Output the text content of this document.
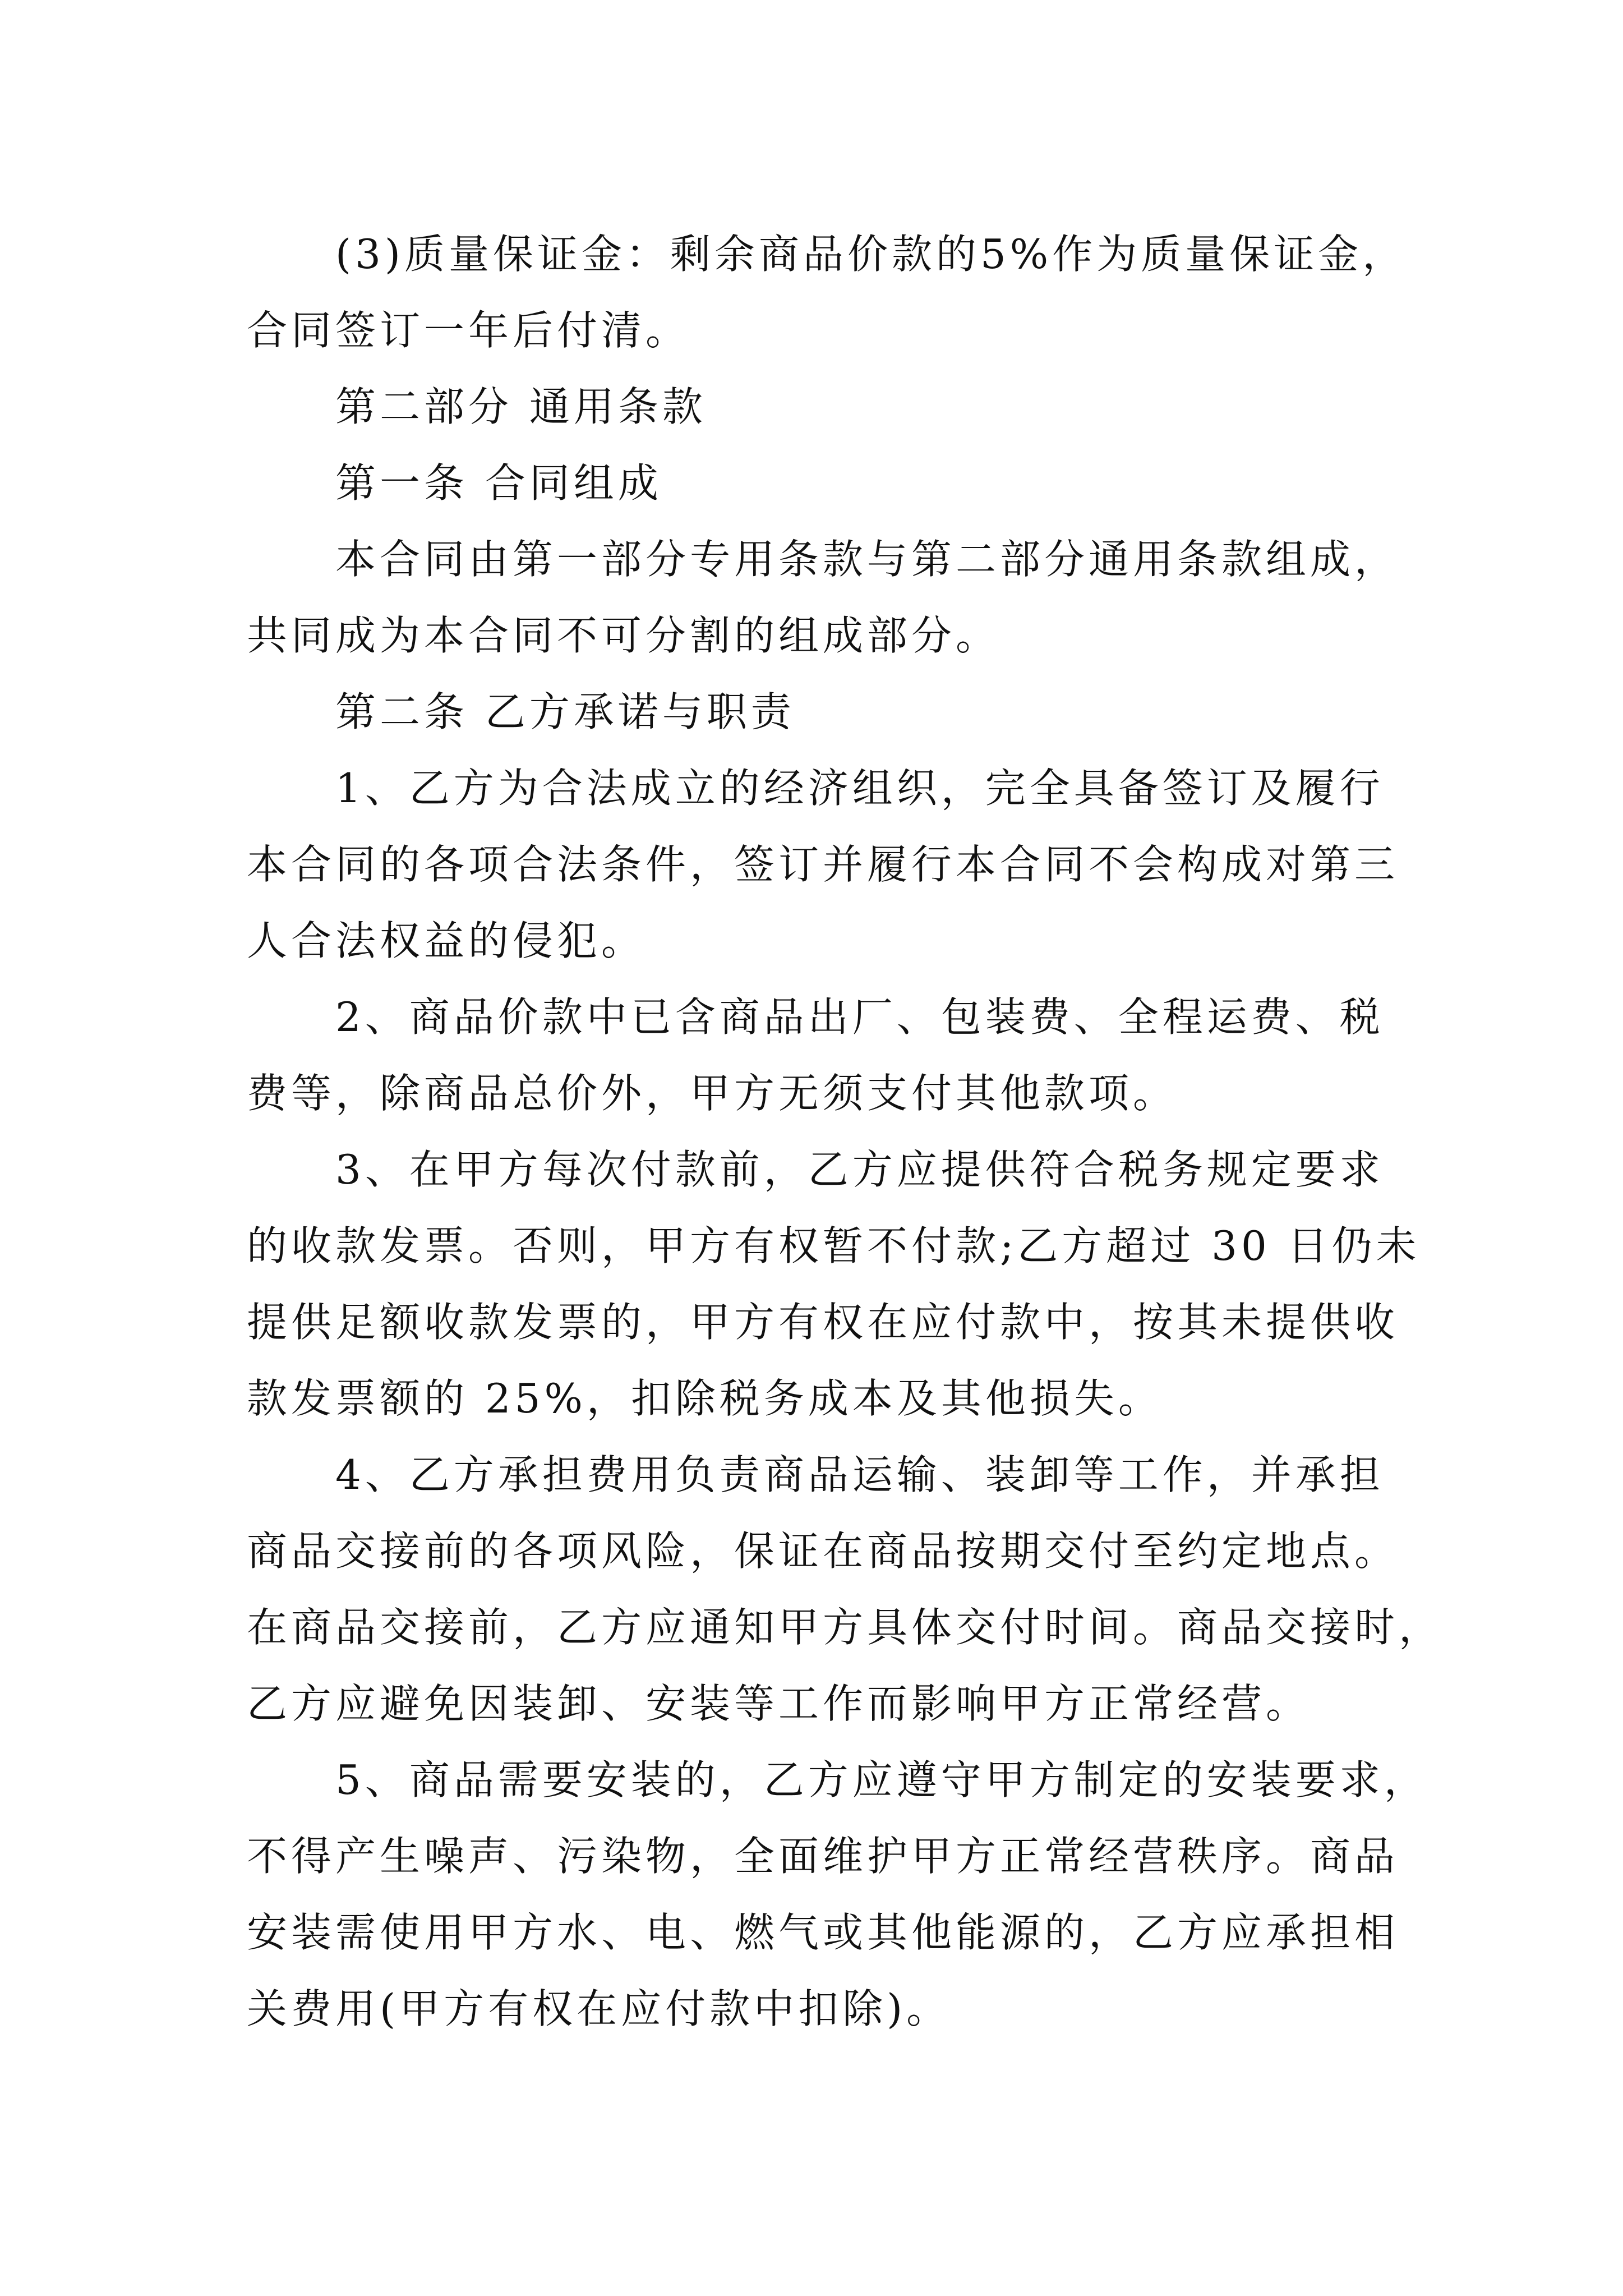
(3)质量保证金：剩余商品价款的5%作为质量保证金，
合同签订一年后付清。

第二部分 通用条款

第一条 合同组成

本合同由第一部分专用条款与第二部分通用条款组成，
共同成为本合同不可分割的组成部分。

第二条 乙方承诺与职责

1、乙方为合法成立的经济组织，完全具备签订及履行
本合同的各项合法条件，签订并履行本合同不会构成对第三
人合法权益的侵犯。

2、商品价款中已含商品出厂、包装费、全程运费、税
费等，除商品总价外，甲方无须支付其他款项。

3、在甲方每次付款前，乙方应提供符合税务规定要求
的收款发票。否则，甲方有权暂不付款;乙方超过 30 日仍未
提供足额收款发票的，甲方有权在应付款中，按其未提供收
款发票额的 25%，扣除税务成本及其他损失。

4、乙方承担费用负责商品运输、装卸等工作，并承担
商品交接前的各项风险，保证在商品按期交付至约定地点。
在商品交接前，乙方应通知甲方具体交付时间。商品交接时，
乙方应避免因装卸、安装等工作而影响甲方正常经营。

5、商品需要安装的，乙方应遵守甲方制定的安装要求，
不得产生噪声、污染物，全面维护甲方正常经营秩序。商品
安装需使用甲方水、电、燃气或其他能源的，乙方应承担相
关费用(甲方有权在应付款中扣除)。
